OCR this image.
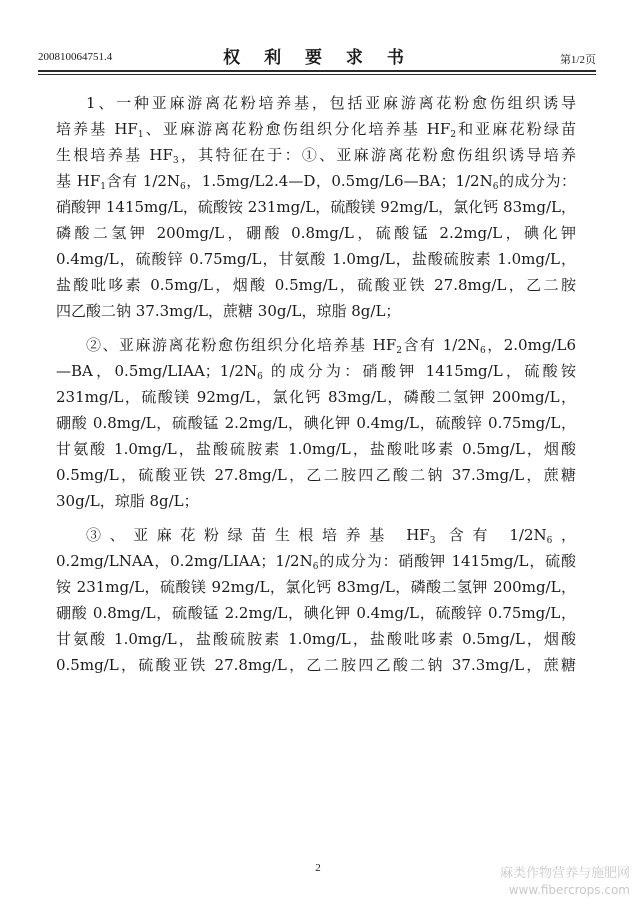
200810064751.4	权 利 要 求 书	第1/2页
1、一种亚麻游离花粉培养基，包括亚麻游离花粉愈伤组织诱导
培养基 $HF_1$、亚麻游离花粉愈伤组织分化培养基 $HF_2$和亚麻花粉绿苗
生根培养基 $HF_3$，其特征在于：①、亚麻游离花粉愈伤组织诱导培养
基 $HF_1$含有 $1/2N_6$，1.5mg/L2.4—D，0.5mg/L6—BA；$1/2N_6$的成分为：
硝酸钾 1415mg/L，硫酸铵 231mg/L，硫酸镁 92mg/L，氯化钙 83mg/L，
磷酸二氢钾 200mg/L，硼酸 0.8mg/L，硫酸锰 2.2mg/L，碘化钾
0.4mg/L，硫酸锌 0.75mg/L，甘氨酸 1.0mg/L，盐酸硫胺素 1.0mg/L，
盐酸吡哆素 0.5mg/L，烟酸 0.5mg/L，硫酸亚铁 27.8mg/L，乙二胺
四乙酸二钠 37.3mg/L，蔗糖 30g/L，琼脂 8g/L；
②、亚麻游离花粉愈伤组织分化培养基 $HF_2$含有 $1/2N_6$，2.0mg/L6
—BA，0.5mg/LIAA；$1/2N_6$ 的成分为：硝酸钾 1415mg/L，硫酸铵
231mg/L，硫酸镁 92mg/L，氯化钙 83mg/L，磷酸二氢钾 200mg/L，
硼酸 0.8mg/L，硫酸锰 2.2mg/L，碘化钾 0.4mg/L，硫酸锌 0.75mg/L，
甘氨酸 1.0mg/L，盐酸硫胺素 1.0mg/L，盐酸吡哆素 0.5mg/L，烟酸
0.5mg/L，硫酸亚铁 27.8mg/L，乙二胺四乙酸二钠 37.3mg/L，蔗糖
30g/L，琼脂 8g/L；
③、亚麻花粉绿苗生根培养基 $HF_3$ 含有 $1/2N_6$，
0.2mg/LNAA，0.2mg/LIAA；$1/2N_6$的成分为：硝酸钾 1415mg/L，硫酸
铵 231mg/L，硫酸镁 92mg/L，氯化钙 83mg/L，磷酸二氢钾 200mg/L，
硼酸 0.8mg/L，硫酸锰 2.2mg/L，碘化钾 0.4mg/L，硫酸锌 0.75mg/L，
甘氨酸 1.0mg/L，盐酸硫胺素 1.0mg/L，盐酸吡哆素 0.5mg/L，烟酸
0.5mg/L，硫酸亚铁 27.8mg/L，乙二胺四乙酸二钠 37.3mg/L，蔗糖
2	麻类作物营养与施肥网
www.fibercrops.com
